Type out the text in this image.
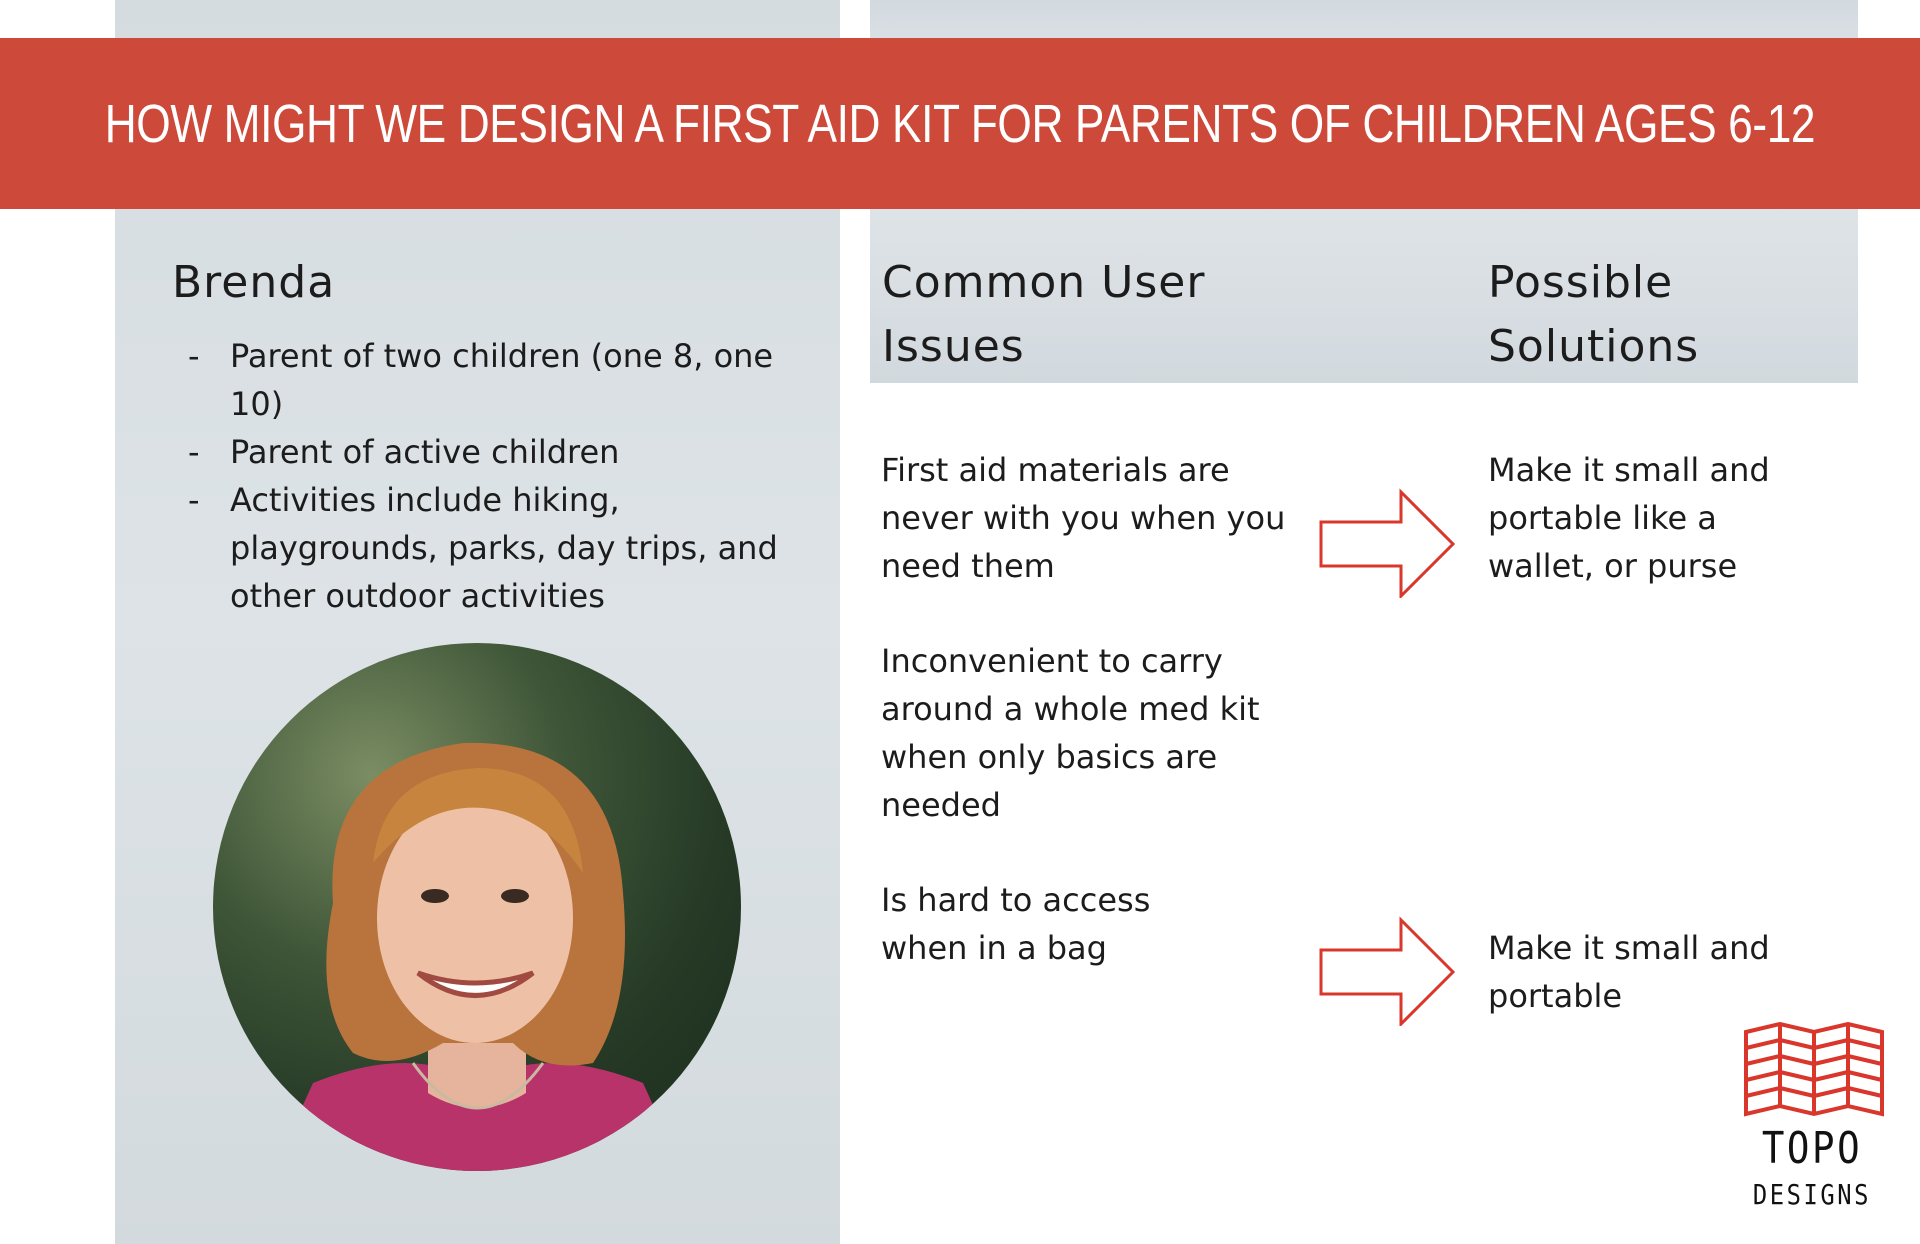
HOW MIGHT WE DESIGN A FIRST AID KIT FOR PARENTS OF CHILDREN AGES 6-12
Brenda
- Parent of two children (one 8, one 10)
- Parent of active children
- Activities include hiking, playgrounds, parks, day trips, and other outdoor activities
Common User Issues
Possible Solutions
First aid materials are never with you when you need them
Inconvenient to carry around a whole med kit when only basics are needed
Is hard to access when in a bag
Make it small and portable like a wallet, or purse
Make it small and portable
TOPO
DESIGNS
